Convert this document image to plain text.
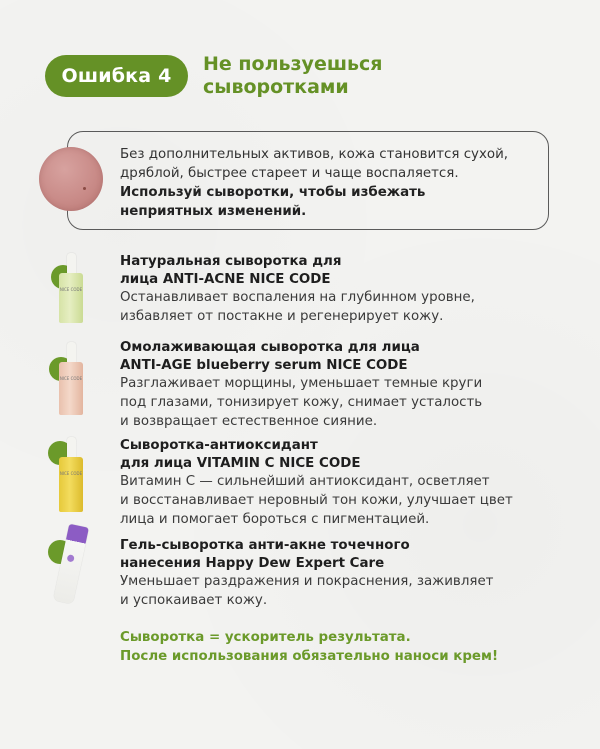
Ошибка 4
Не пользуешься
сыворотками
Без дополнительных активов, кожа становится сухой,
дряблой, быстрее стареет и чаще воспаляется.
Используй сыворотки, чтобы избежать
неприятных изменений.
NICE CODE
Натуральная сыворотка для
лица ANTI-ACNE NICE CODE
Останавливает воспаления на глубинном уровне,
избавляет от постакне и регенерирует кожу.
NICE CODE
Омолаживающая сыворотка для лица
ANTI-AGE blueberry serum NICE CODE
Разглаживает морщины, уменьшает темные круги
под глазами, тонизирует кожу, снимает усталость
и возвращает естественное сияние.
NICE CODE
Сыворотка-антиоксидант
для лица VITAMIN C NICE CODE
Витамин С — сильнейший антиоксидант, осветляет
и восстанавливает неровный тон кожи, улучшает цвет
лица и помогает бороться с пигментацией.
Гель-сыворотка анти-акне точечного
нанесения Happy Dew Expert Care
Уменьшает раздражения и покраснения, заживляет
и успокаивает кожу.
Сыворотка = ускоритель результата.
После использования обязательно наноси крем!
